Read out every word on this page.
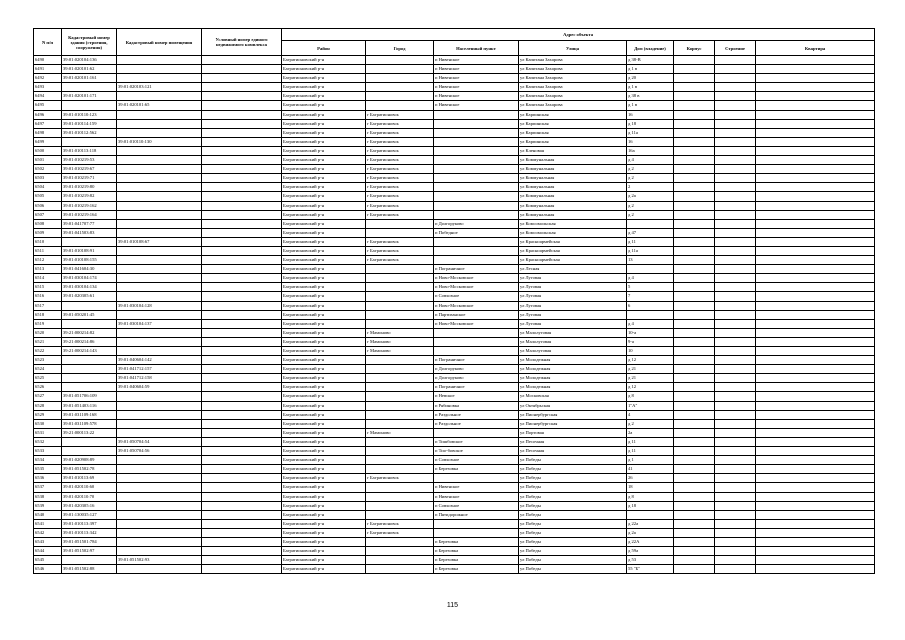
N п/п	Кадастровый номер здания (строения, сооружения)	Кадастровый номер помещения	Условный номер единого недвижимого комплекса	Адрес объекта							
				Район	Город	Населенный пункт	Улица	Дом (владение)	Корпус	Строение	Квартира
6490	39:01:020104:136			Багратионовский р-н		п Нивенское	ул Капитана Захарова	д 38-В			
6491	39:01:020101:62			Багратионовский р-н		п Нивенское	ул Капитана Захарова	д 1 в			
6492	39:01:020101:161			Багратионовский р-н		п Нивенское	ул Капитана Захарова	д 20			
6493		39:01:020103:121		Багратионовский р-н		п Нивенское	ул Капитана Захарова	д 1 в			
6494	39:01:020101:171			Багратионовский р-н		п Нивенское	ул Капитана Захарова	д 38 в			
6495		39:01:020101:65		Багратионовский р-н		п Нивенское	ул Капитана Захарова	д 1 в			
6496	39:01:010110:123			Багратионовский р-н	г Багратионовск		ул Карпинская	16			
6497	39:01:010114:159			Багратионовский р-н	г Багратионовск		ул Карпинская	д 18			
6498	39:01:010112:562			Багратионовский р-н	г Багратионовск		ул Карпинская	д 11а			
6499		39:01:010110:130		Багратионовский р-н	г Багратионовск		ул Карпинская	16			
6500	39:01:010113:118			Багратионовский р-н	г Багратионовск		ул Кленовая	16а			
6501	39:01:010219:53			Багратионовский р-н	г Багратионовск		ул Коммунальная	д 4			
6502	39:01:010219:67			Багратионовский р-н	г Багратионовск		ул Коммунальная	д 2			
6503	39:01:010219:71			Багратионовский р-н	г Багратионовск		ул Коммунальная	д 2			
6504	39:01:010219:80			Багратионовский р-н	г Багратионовск		ул Коммунальная	2			
6505	39:01:010219:82			Багратионовский р-н	г Багратионовск		ул Коммунальная	д 2а			
6506	39:01:010219:162			Багратионовский р-н	г Багратионовск		ул Коммунальная	д 2			
6507	39:01:010219:164			Багратионовский р-н	г Багратионовск		ул Коммунальная	д 2			
6508	39:01:041707:77			Багратионовский р-н		п Долгоруково	ул Комсомольская				
6509	39:01:041503:83			Багратионовский р-н		п Победное	ул Комсомольская	д 47			
6510		39:01:010108:67		Багратионовский р-н	г Багратионовск		ул Красноармейская	д 11			
6511	39:01:010108:91			Багратионовский р-н	г Багратионовск		ул Красноармейская	д 11а			
6512	39:01:010108:155			Багратионовский р-н	г Багратионовск		ул Красноармейская	13			
6513	39:01:041604:30			Багратионовский р-н		п Пограничное	ул Лесная				
6514	39:01:030104:174			Багратионовский р-н		п Ново-Московское	ул Луговая	д 4			
6515	39:01:030104:134			Багратионовский р-н		п Ново-Московское	ул Луговая	5			
6516	39:01:020305:61			Багратионовский р-н		п Совхозное	ул Луговая	7			
6517		39:01:030104:128		Багратионовский р-н		п Ново-Московское	ул Луговая	6			
6518	39:01:050201:45			Багратионовский р-н		п Партизанское	ул Луговая				
6519		39:01:030104:137		Багратионовский р-н		п Ново-Московское	ул Луговая	д 4			
6520	39:21:000214:82			Багратионовский р-н	г Мамоново		ул Малолуговая	10-а			
6521	39:21:000214:86			Багратионовский р-н	г Мамоново		ул Малолуговая	9-а			
6522	39:21:000214:143			Багратионовский р-н	г Мамоново		ул Малолуговая	10			
6523		39:01:040604:142		Багратионовский р-н		п Пограничное	ул Молодежная	д 12			
6524		39:01:041712:157		Багратионовский р-н		п Долгоруково	ул Молодежная	д 21			
6525		39:01:041712:158		Багратионовский р-н		п Долгоруково	ул Молодежная	д 21			
6526		39:01:040604:59		Багратионовский р-н		п Пограничное	ул Молодежная	д 12			
6527	39:01:051706:109			Багратионовский р-н		п Невское	ул Московская	д 8			
6528	39:01:051403:116			Багратионовский р-н		п Рябиновка	ул Октябрьская	1"А"			
6529	39:01:031109:168			Багратионовский р-н		п Раздольное	ул Пионербургская	4			
6530	39:01:031109:578			Багратионовский р-н		п Раздольное	ул Пионербургская	д 2			
6531	39:21:000113:22			Багратионовский р-н	г Мамоново		ул Портовая	2а			
6532		39:01:050704:54		Багратионовский р-н		п Тишбовское	ул Песочная	д 11			
6533		39:01:050704:56		Багратионовский р-н		п Тио-бовское	ул Песочная	д 11			
6534	39:01:020908:89			Багратионовский р-н		п Совхозное	ул Победы	д 1			
6535	39:01:051502:78			Багратионовский р-н		п Березовка	ул Победы	41			
6536	39:01:010113:69			Багратионовский р-н	г Багратионовск		ул Победы	26			
6537	39:01:020110:60			Багратионовский р-н		п Нивенское	ул Победы	18			
6538	39:01:020110:70			Багратионовский р-н		п Нивенское	ул Победы	д 8			
6539	39:01:020305:16			Багратионовский р-н		п Совхозное	ул Победы	д 18			
6540	39:01:130035:127			Багратионовский р-н		п Пятидорожное	ул Победы				
6541	39:01:010113:397			Багратионовский р-н	г Багратионовск		ул Победы	д 22а			
6542	39:01:010113:342			Багратионовский р-н	г Багратионовск		ул Победы	д 2а			
6543	39:01:051501:784			Багратионовский р-н		п Березовка	ул Победы	д 22А			
6544	39:01:051502:97			Багратионовский р-н		п Березовка	ул Победы	д 59а			
6545		39:01:051502:93		Багратионовский р-н		п Березовка	ул Победы	д 53			
6546	39:01:051502:88			Багратионовский р-н		п Березовка	ул Победы	55 "Б"			
115
